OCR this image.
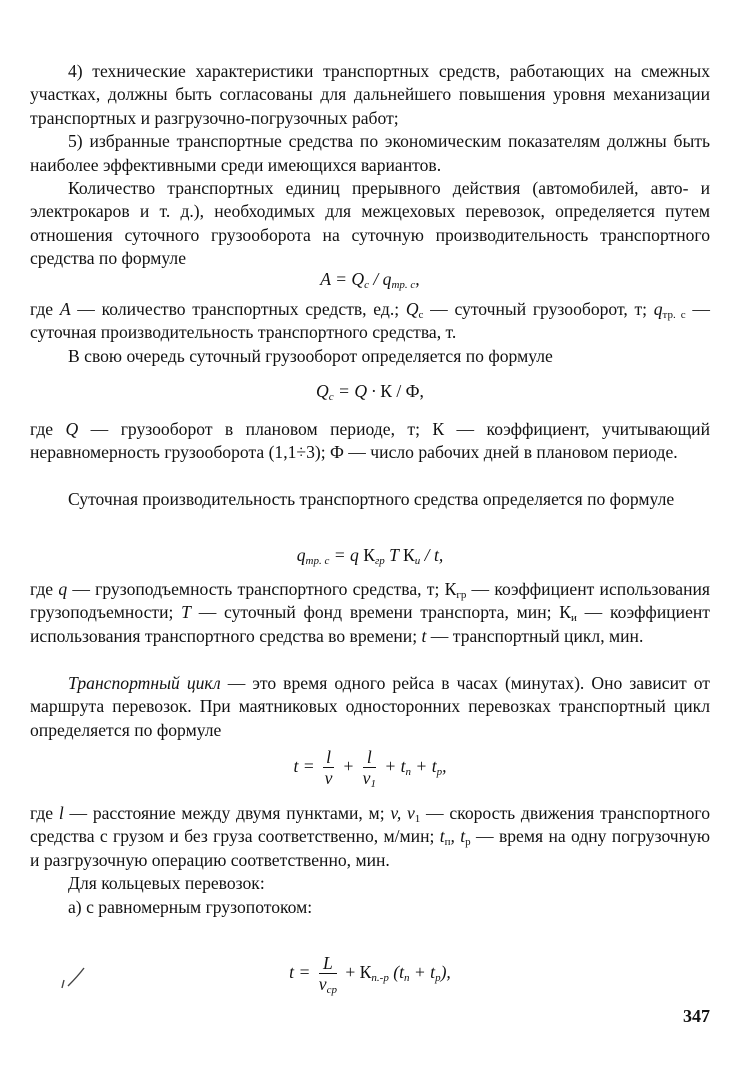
4) технические характеристики транспортных средств, работающих на смежных участках, должны быть согласованы для дальнейшего повышения уровня механизации транспортных и разгрузочно-погрузочных работ;

5) избранные транспортные средства по экономическим показателям должны быть наиболее эффективными среди имеющихся вариантов.

Количество транспортных единиц прерывного действия (автомобилей, авто- и электрокаров и т. д.), необходимых для межцеховых перевозок, определяется путем отношения суточного грузооборота на суточную производительность транспортного средства по формуле

$A = Q_с / q_{тр. с}$,

где A — количество транспортных средств, ед.; $Q_с$ — суточный грузооборот, т; $q_{тр. с}$ — суточная производительность транспортного средства, т.

В свою очередь суточный грузооборот определяется по формуле

$Q_с = Q \cdot К / Ф$,

где Q — грузооборот в плановом периоде, т; К — коэффициент, учитывающий неравномерность грузооборота (1,1÷3); Ф — число рабочих дней в плановом периоде.

Суточная производительность транспортного средства определяется по формуле

$q_{тр. с} = q$ $К_{гр}$ T $К_и$ / t,

где q — грузоподъемность транспортного средства, т; $К_{гр}$ — коэффициент использования грузоподъемности; T — суточный фонд времени транспорта, мин; $К_и$ — коэффициент использования транспортного средства во времени; t — транспортный цикл, мин.

Транспортный цикл — это время одного рейса в часах (минутах). Оно зависит от маршрута перевозок. При маятниковых односторонних перевозках транспортный цикл определяется по формуле

$t = \frac{l}{v} + \frac{l}{v_1} + t_п + t_р$,

где l — расстояние между двумя пунктами, м; v, $v_1$ — скорость движения транспортного средства с грузом и без груза соответственно, м/мин; $t_п$, $t_р$ — время на одну погрузочную и разгрузочную операцию соответственно, мин.

Для кольцевых перевозок:

а) с равномерным грузопотоком:

$t = \frac{L}{v_{ср}} + К_{п.-р}$ $(t_п + t_р)$,

347
